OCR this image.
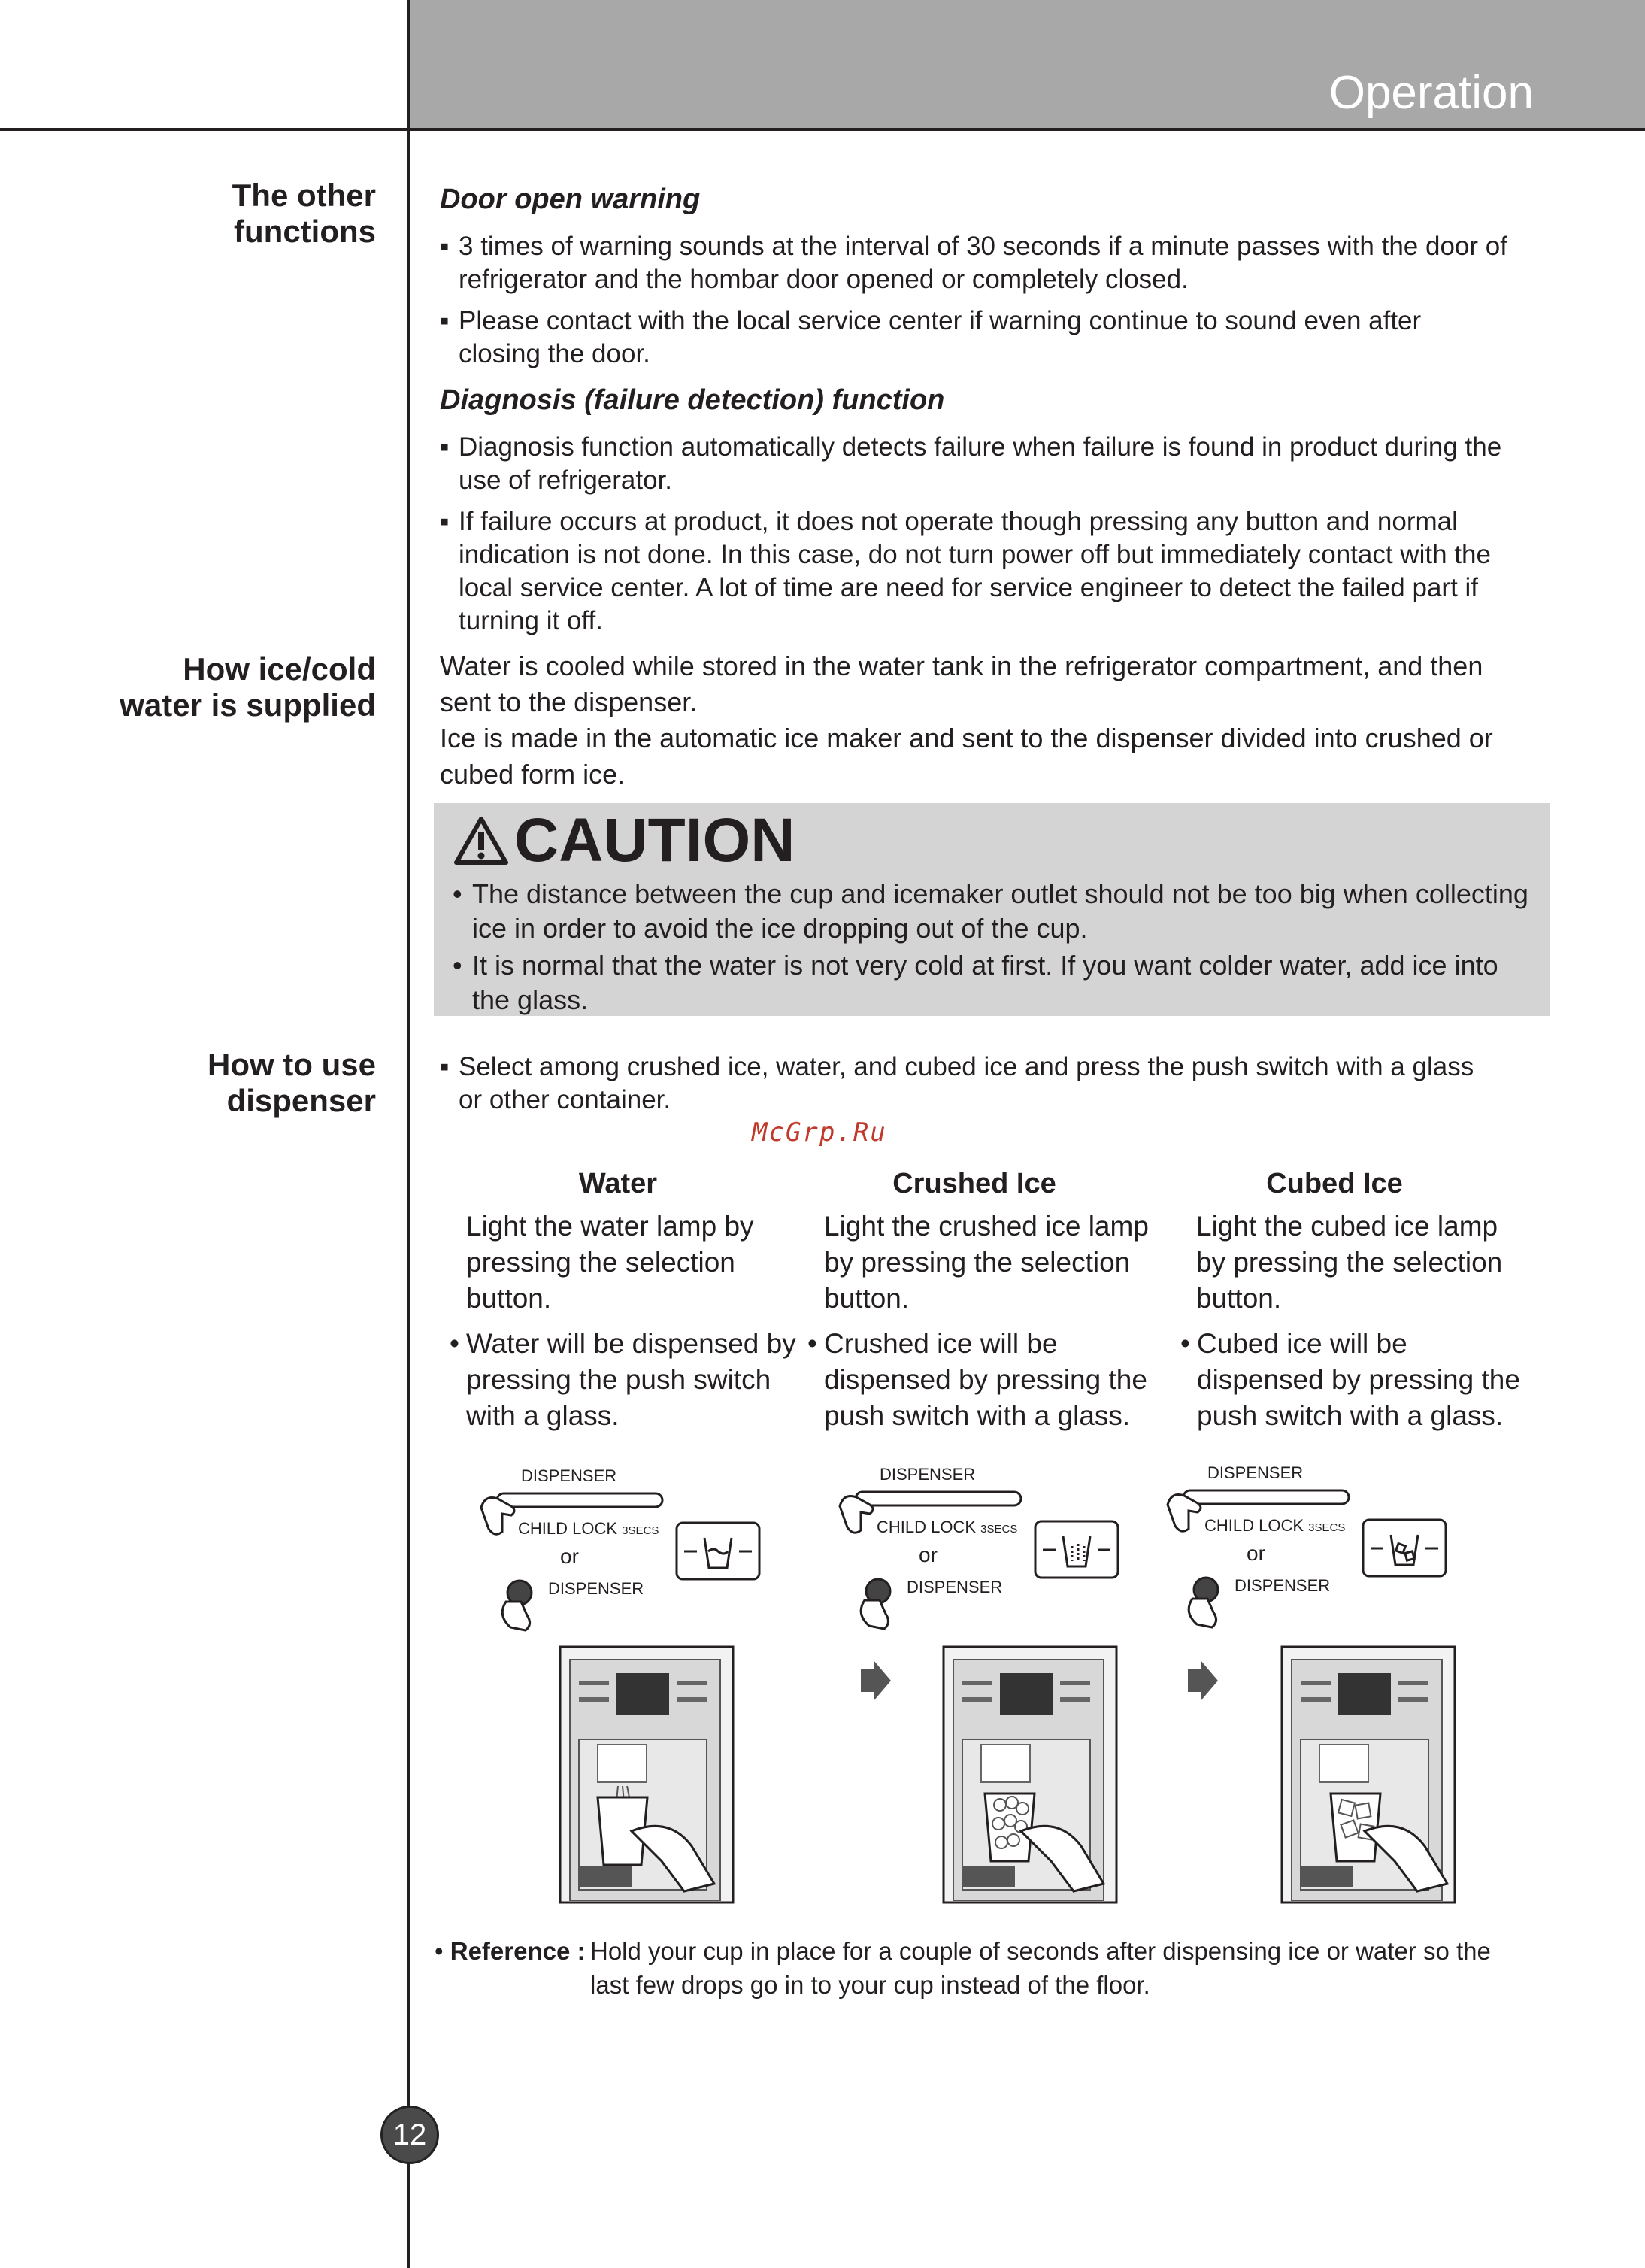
Operation
The other
functions
How ice/cold
water is supplied
How to use
dispenser
Door open warning
▪ 3 times of warning sounds at the interval of 30 seconds if a minute passes with the door of refrigerator and the hombar door opened or completely closed.
▪ Please contact with the local service center if warning continue to sound even after closing the door.
Diagnosis (failure detection) function
▪ Diagnosis function automatically detects failure when failure is found in product during the use of refrigerator.
▪ If failure occurs at product, it does not operate though pressing any button and normal indication is not done. In this case, do not turn power off but immediately contact with the local service center. A lot of time are need for service engineer to detect the failed part if turning it off.
Water is cooled while stored in the water tank in the refrigerator compartment, and then sent to the dispenser.
Ice is made in the automatic ice maker and sent to the dispenser divided into crushed or cubed form ice.
CAUTION
• The distance between the cup and icemaker outlet should not be too big when collecting ice in order to avoid the ice dropping out of the cup.
• It is normal that the water is not very cold at first. If you want colder water, add ice into the glass.
▪ Select among crushed ice, water, and cubed ice and press the push switch with a glass or other container.
McGrp.Ru
Water	Crushed Ice	Cubed Ice
Light the water lamp by pressing the selection button.
Light the crushed ice lamp by pressing the selection button.
Light the cubed ice lamp by pressing the selection button.
• Water will be dispensed by pressing the push switch with a glass.
• Crushed ice will be dispensed by pressing the push switch with a glass.
• Cubed ice will be dispensed by pressing the push switch with a glass.
DISPENSER
CHILD LOCK 3SECS
or
DISPENSER
DISPENSER
CHILD LOCK 3SECS
or
DISPENSER
DISPENSER
CHILD LOCK 3SECS
or
DISPENSER
• Reference : Hold your cup in place for a couple of seconds after dispensing ice or water so the last few drops go in to your cup instead of the floor.
12
